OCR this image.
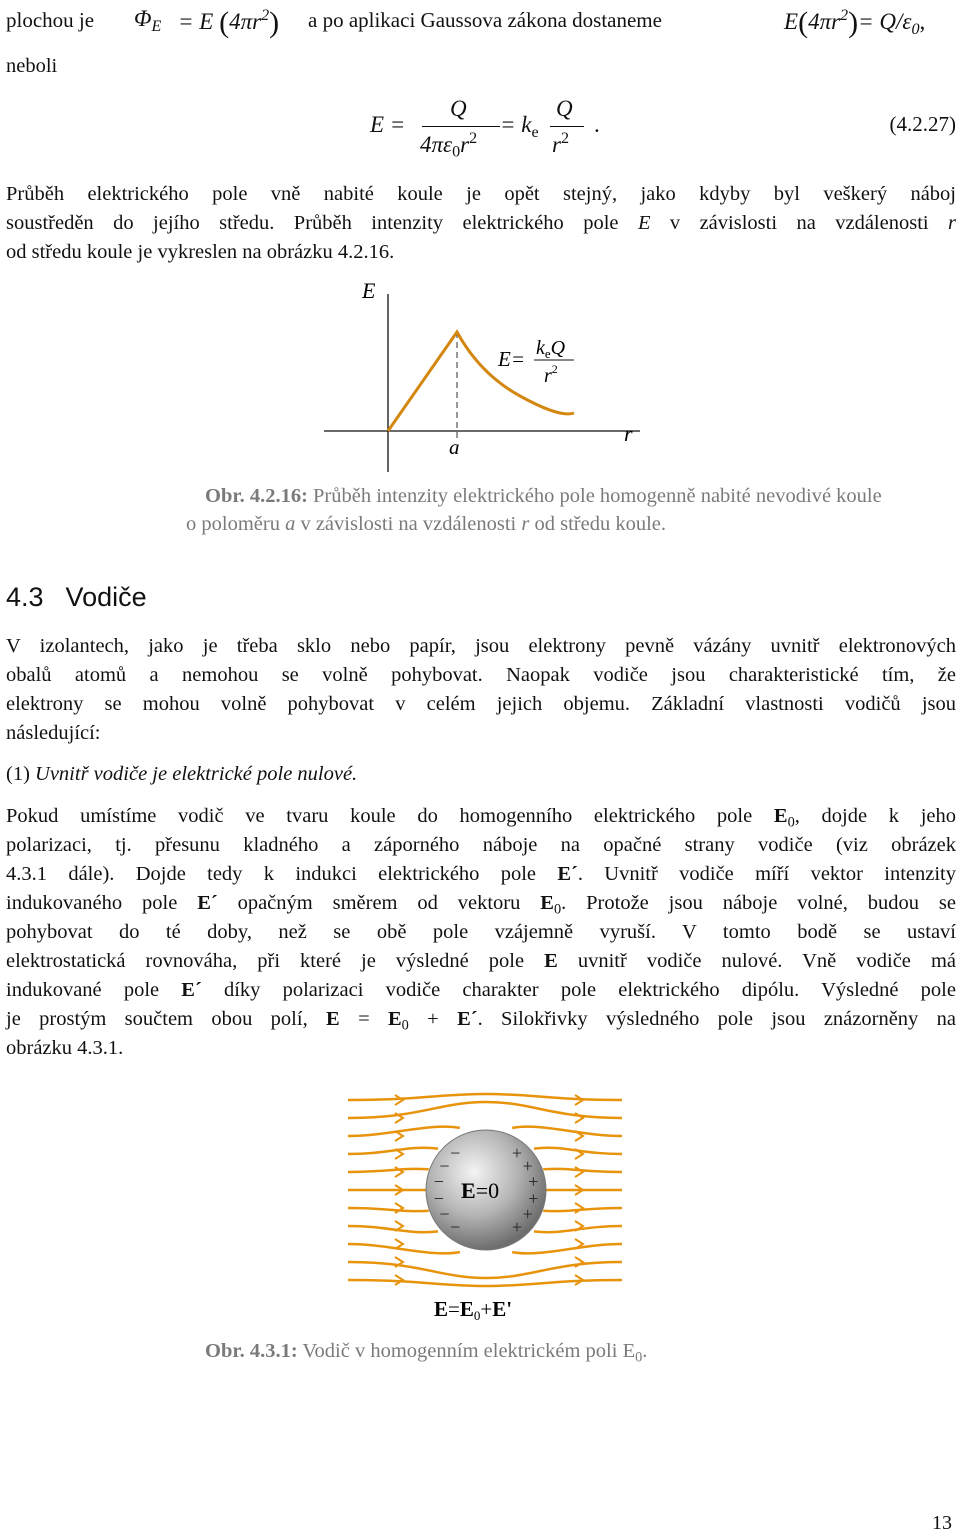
plochou je $\Phi_E = E$ $(4\pi r^2)$ a po aplikaci Gaussova zákona dostaneme	$E(4\pi r^2)= Q/\varepsilon_0$,
neboli
E =
Q
$4\pi\varepsilon_0r^2$
= $k_e$
Q
$r^2$
.	(4.2.27)
Průběh elektrického pole vně nabité koule je opět stejný, jako kdyby byl veškerý náboj
soustředěn do jejího středu. Průběh intenzity elektrického pole E v závislosti na vzdálenosti r
od středu koule je vykreslen na obrázku 4.2.16.
E
r
a
$E= k_eQ$
$r^2$
Obr. 4.2.16: Průběh intenzity elektrického pole homogenně nabité nevodivé koule
o poloměru a v závislosti na vzdálenosti r od středu koule.
4.3 Vodiče
V izolantech, jako je třeba sklo nebo papír, jsou elektrony pevně vázány uvnitř elektronových
obalů atomů a nemohou se volně pohybovat. Naopak vodiče jsou charakteristické tím, že
elektrony se mohou volně pohybovat v celém jejich objemu. Základní vlastnosti vodičů jsou
následující:
(1) Uvnitř vodiče je elektrické pole nulové.
Pokud umístíme vodič ve tvaru koule do homogenního elektrického pole $E_0$, dojde k jeho
polarizaci, tj. přesunu kladného a záporného náboje na opačné strany vodiče (viz obrázek
4.3.1 dále). Dojde tedy k indukci elektrického pole E´. Uvnitř vodiče míří vektor intenzity
indukovaného pole E´ opačným směrem od vektoru $E_0$. Protože jsou náboje volné, budou se
pohybovat do té doby, než se obě pole vzájemně vyruší. V tomto bodě se ustaví
elektrostatická rovnováha, při které je výsledné pole E uvnitř vodiče nulové. Vně vodiče má
indukované pole E´ díky polarizaci vodiče charakter pole elektrického dipólu. Výsledné pole
je prostým součtem obou polí, $E = E_0$ + E´. Silokřivky výsledného pole jsou znázorněny na
obrázku 4.3.1.
−
−
−
−
−
−
+
+
+
+
+
+
E=0
E=E0+E'
Obr. 4.3.1: Vodič v homogenním elektrickém poli $E_0$.
13
